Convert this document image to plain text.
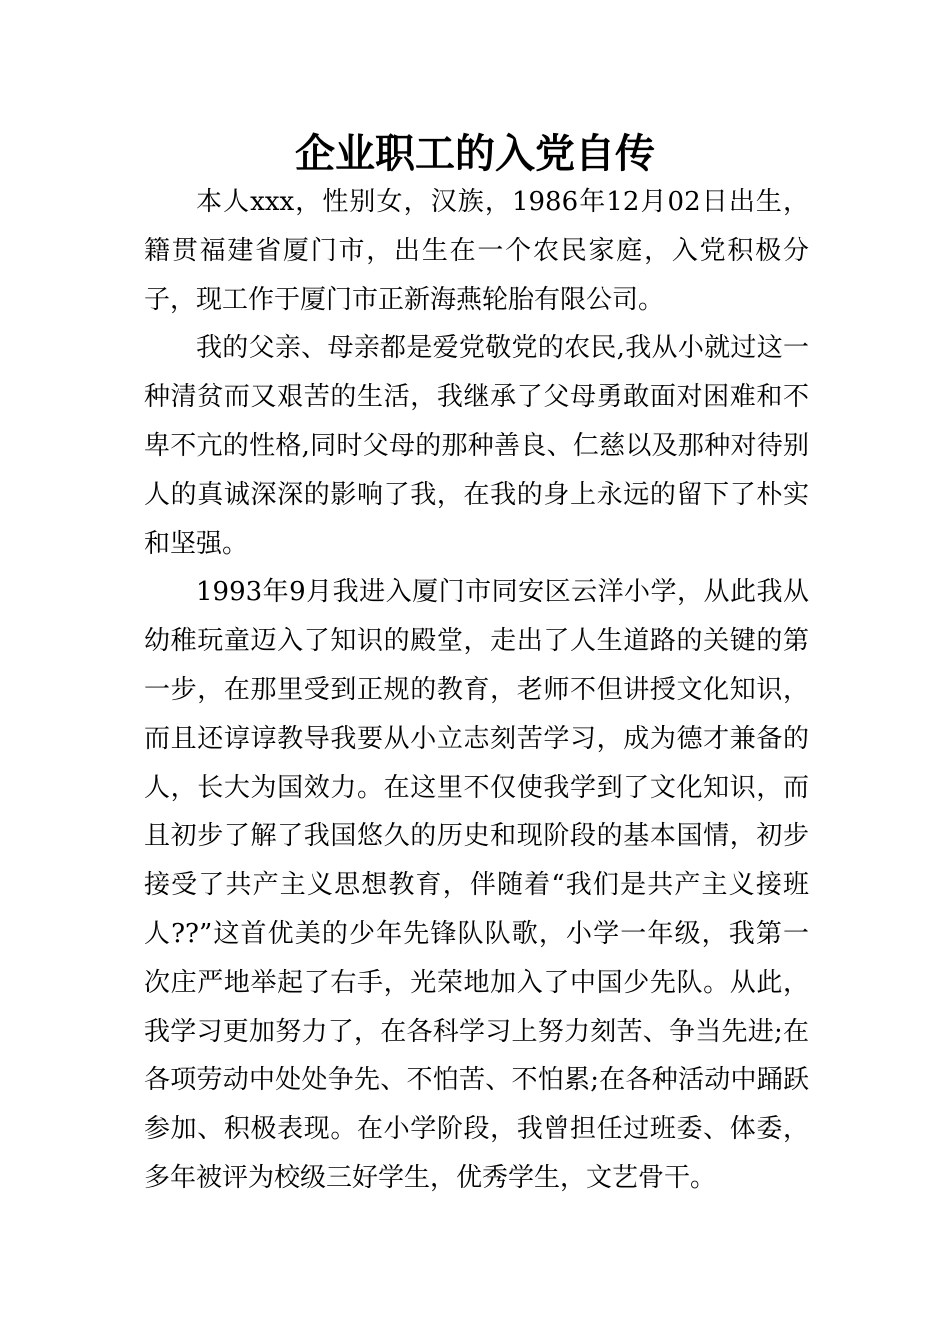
企业职工的入党自传

本人xxx，性别女，汉族，1986年12月02日出生，籍贯福建省厦门市，出生在一个农民家庭，入党积极分子，现工作于厦门市正新海燕轮胎有限公司。

我的父亲、母亲都是爱党敬党的农民,我从小就过这一种清贫而又艰苦的生活，我继承了父母勇敢面对困难和不卑不亢的性格,同时父母的那种善良、仁慈以及那种对待别人的真诚深深的影响了我，在我的身上永远的留下了朴实和坚强。

1993年9月我进入厦门市同安区云洋小学，从此我从幼稚玩童迈入了知识的殿堂，走出了人生道路的关键的第一步，在那里受到正规的教育，老师不但讲授文化知识，而且还谆谆教导我要从小立志刻苦学习，成为德才兼备的人，长大为国效力。在这里不仅使我学到了文化知识，而且初步了解了我国悠久的历史和现阶段的基本国情，初步接受了共产主义思想教育，伴随着“我们是共产主义接班人??”这首优美的少年先锋队队歌，小学一年级，我第一次庄严地举起了右手，光荣地加入了中国少先队。从此，我学习更加努力了，在各科学习上努力刻苦、争当先进;在各项劳动中处处争先、不怕苦、不怕累;在各种活动中踊跃参加、积极表现。在小学阶段，我曾担任过班委、体委，多年被评为校级三好学生，优秀学生，文艺骨干。
